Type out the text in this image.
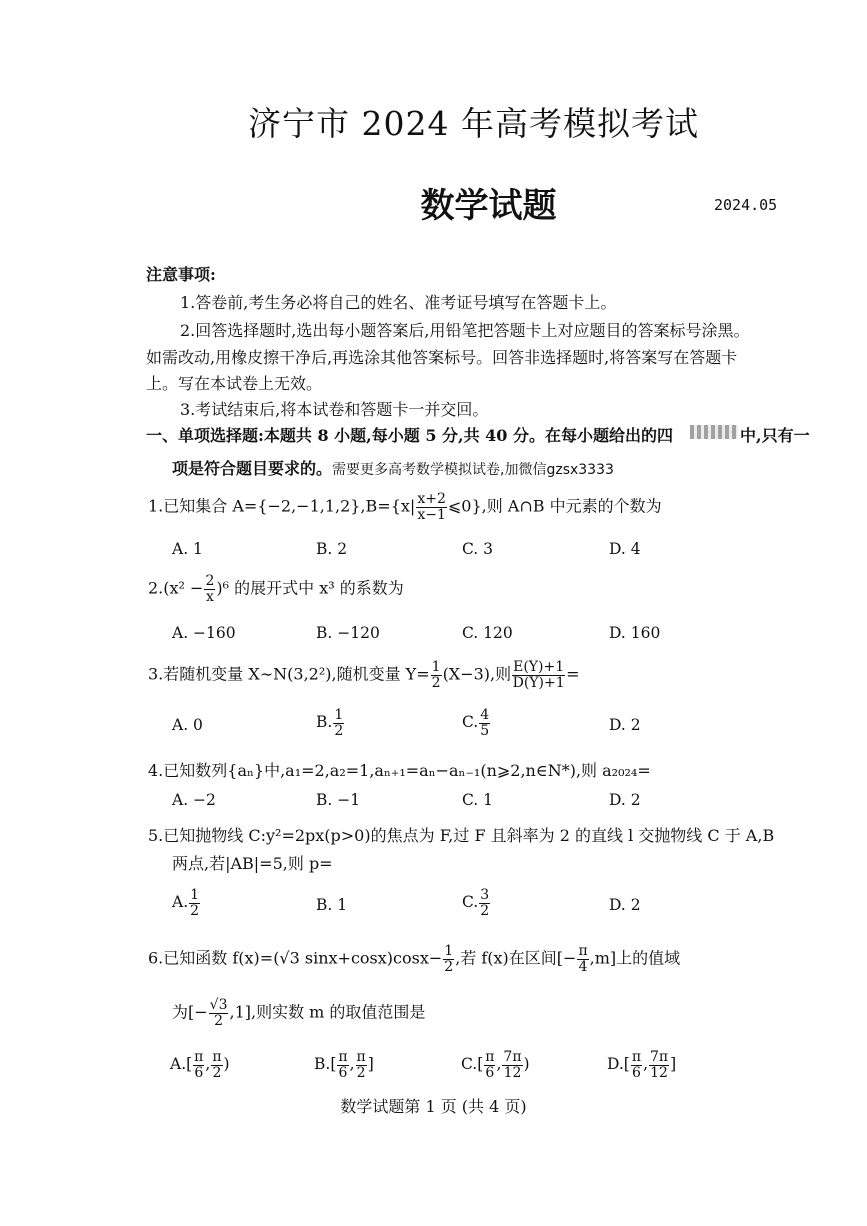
济宁市 2024 年高考模拟考试
数学试题	2024.05
注意事项:
1.答卷前,考生务必将自己的姓名、准考证号填写在答题卡上。
2.回答选择题时,选出每小题答案后,用铅笔把答题卡上对应题目的答案标号涂黑。
如需改动,用橡皮擦干净后,再选涂其他答案标号。回答非选择题时,将答案写在答题卡
上。写在本试卷上无效。
3.考试结束后,将本试卷和答题卡一并交回。
一、单项选择题:本题共 8 小题,每小题 5 分,共 40 分。在每小题给出的四	中,只有一
项是符合题目要求的。需要更多高考数学模拟试卷,加微信gzsx3333
1.已知集合 $A=\{-2,-1,1,2\},B=\{x| \frac{x+2}{x-1}$ ⩽0},则 A∩B 中元素的个数为
A. 1	B. 2	C. 3	D. 4
$2.(x^2 - \frac{2}{x} )^6$ 的展开式中 x³ 的系数为
A. −160	B. −120	C. 120	D. 160
3.若随机变量 X∼N(3,2²),随机变量 $Y= \frac{1}{2} (X-3)$,则 $\frac{E(Y)+1}{D(Y)+1}$ =
A. 0	B. $\frac{1}{2}$	C. $\frac{4}{5}$	D. 2
4.已知数列{aₙ}中,a₁=2,a₂=1,aₙ₊₁=aₙ−aₙ₋₁(n⩾2,n∈N*),则 a₂₀₂₄=
A. −2	B. −1	C. 1	D. 2
5.已知抛物线 C:y²=2px(p>0)的焦点为 F,过 F 且斜率为 2 的直线 l 交抛物线 C 于 A,B
两点,若|AB|=5,则 p=
A. $\frac{1}{2}$	B. 1	C. $\frac{3}{2}$	D. 2
6.已知函数 f(x)=(√3 $\sin x+\cos x)\cos x- \frac{1}{2}$ ,若 f(x)在区间[− $\frac{\pi}{4} ,m$]上的值域
为[− $\frac{√3}{2} ,1$],则实数 m 的取值范围是
$A.[ \frac{\pi}{6}$ , $\frac{\pi}{2}$ )	$B.[ \frac{\pi}{6}$ , $\frac{\pi}{2}$ ]	$C.[ \frac{\pi}{6}$ , $\frac{7\pi}{12}$ )	$D.[ \frac{\pi}{6}$ , $\frac{7\pi}{12}$ ]
数学试题第 1 页 (共 4 页)
